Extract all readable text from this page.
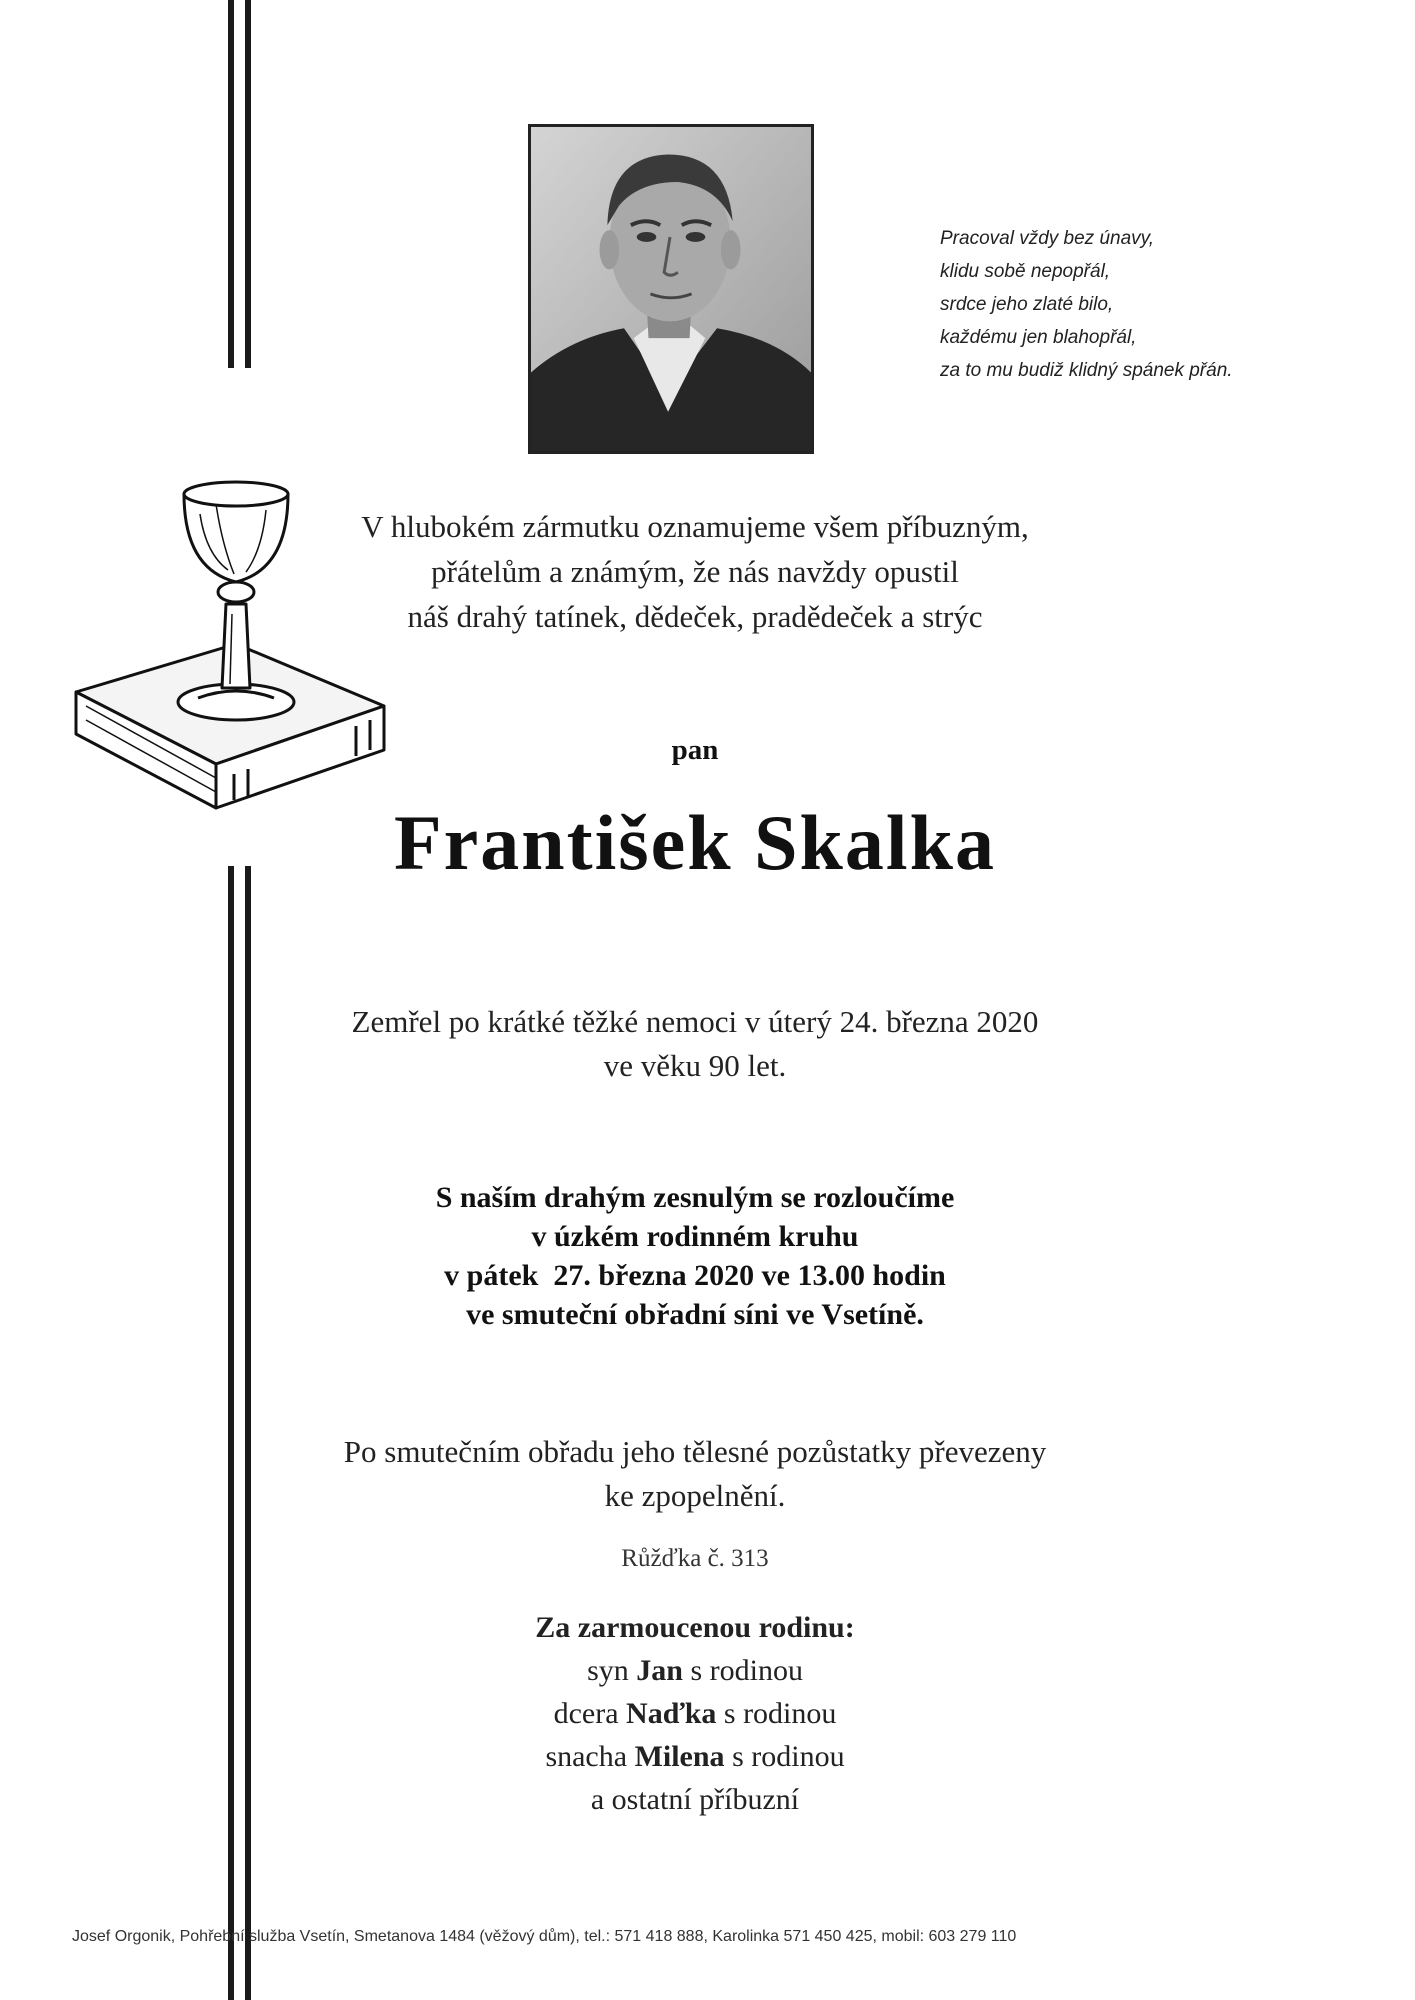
Pracoval vždy bez únavy,
klidu sobě nepopřál,
srdce jeho zlaté bilo,
každému jen blahopřál,
za to mu budiž klidný spánek přán.
V hlubokém zármutku oznamujeme všem příbuzným,
přátelům a známým, že nás navždy opustil
náš drahý tatínek, dědeček, pradědeček a strýc
pan
František Skalka
Zemřel po krátké těžké nemoci v úterý 24. března 2020
ve věku 90 let.
S naším drahým zesnulým se rozloučíme
v úzkém rodinném kruhu
v pátek  27. března 2020 ve 13.00 hodin
ve smuteční obřadní síni ve Vsetíně.
Po smutečním obřadu jeho tělesné pozůstatky převezeny
ke zpopelnění.
Růžďka č. 313
Za zarmoucenou rodinu:
syn Jan s rodinou
dcera Naďka s rodinou
snacha Milena s rodinou
a ostatní příbuzní
Josef Orgonik, Pohřební služba Vsetín, Smetanova 1484 (věžový dům), tel.: 571 418 888, Karolinka 571 450 425, mobil: 603 279 110
